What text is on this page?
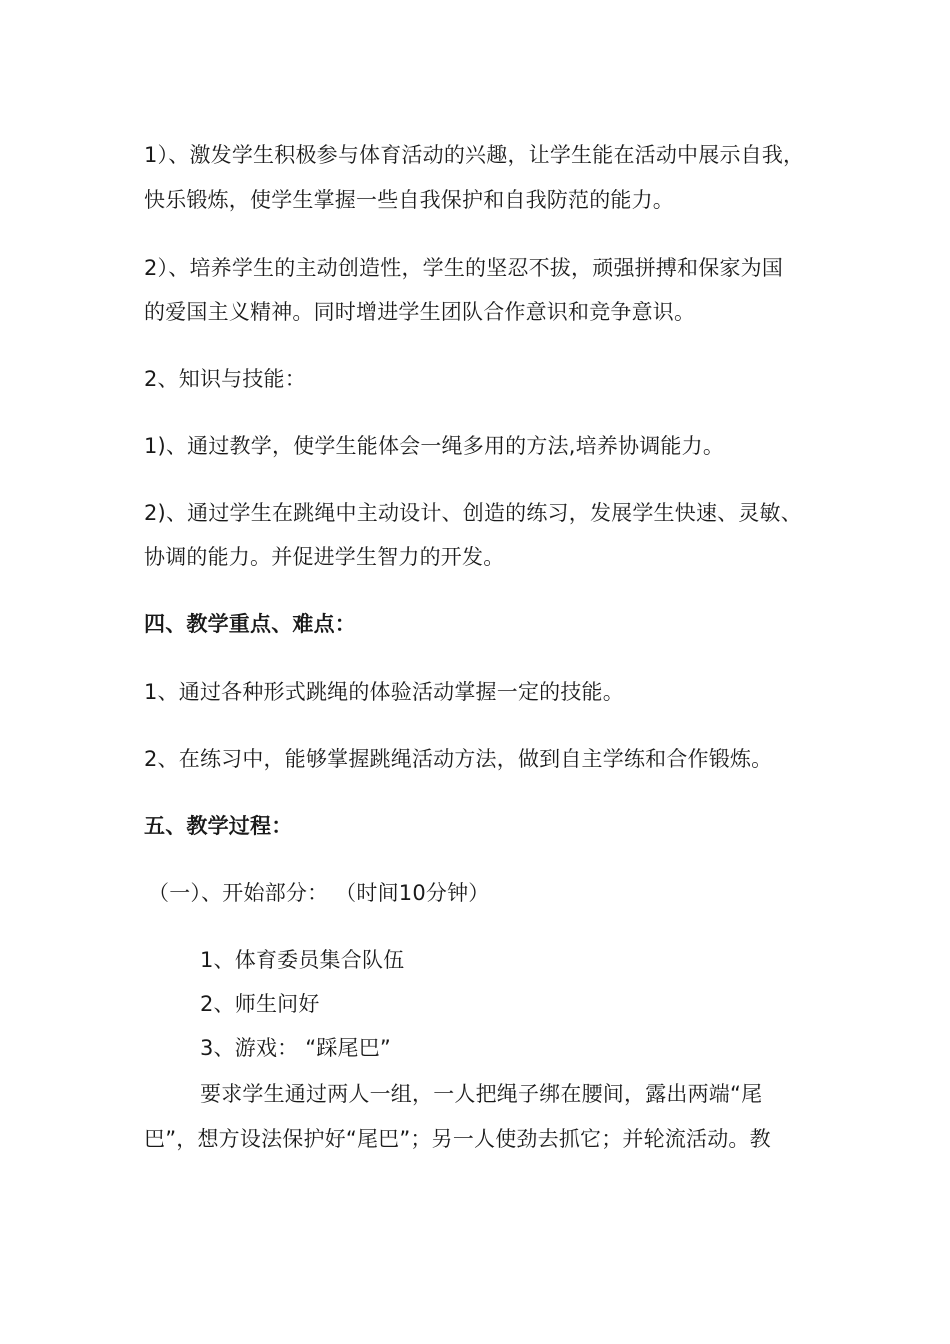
1）、激发学生积极参与体育活动的兴趣，让学生能在活动中展示自我，
快乐锻炼，使学生掌握一些自我保护和自我防范的能力。
2）、培养学生的主动创造性，学生的坚忍不拔，顽强拼搏和保家为国
的爱国主义精神。同时增进学生团队合作意识和竞争意识。
2、知识与技能：
1)、通过教学，使学生能体会一绳多用的方法,培养协调能力。
2)、通过学生在跳绳中主动设计、创造的练习，发展学生快速、灵敏、
协调的能力。并促进学生智力的开发。
四、教学重点、难点：
1、通过各种形式跳绳的体验活动掌握一定的技能。
2、在练习中，能够掌握跳绳活动方法，做到自主学练和合作锻炼。
五、教学过程：
（一）、开始部分： （时间10分钟）
1、体育委员集合队伍
2、师生问好
3、游戏： “踩尾巴”
要求学生通过两人一组，一人把绳子绑在腰间，露出两端“尾
巴”，想方设法保护好“尾巴”；另一人使劲去抓它；并轮流活动。教
